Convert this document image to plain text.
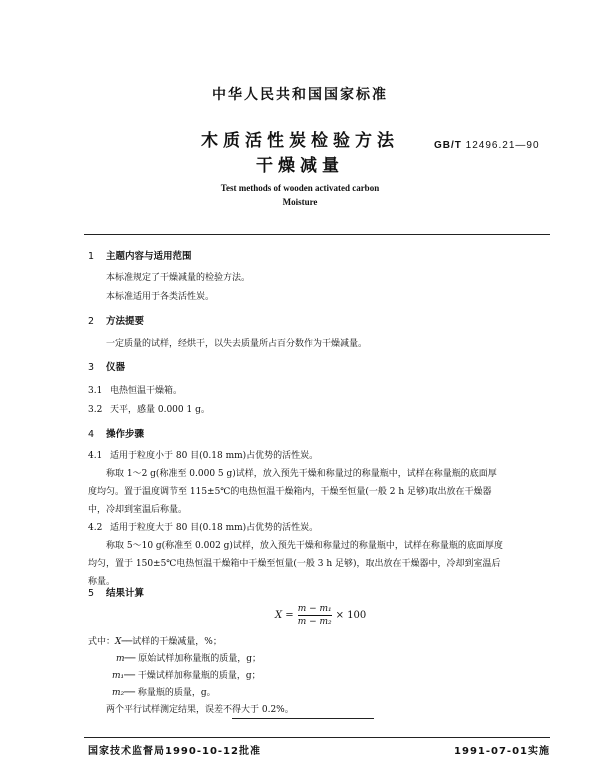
中华人民共和国国家标准
木质活性炭检验方法
干燥减量
GB/T 12496.21—90
Test methods of wooden activated carbon
Moisture
1 主题内容与适用范围
本标准规定了干燥减量的检验方法。
本标准适用于各类活性炭。
2 方法提要
一定质量的试样，经烘干，以失去质量所占百分数作为干燥减量。
3 仪器
3.1 电热恒温干燥箱。
3.2 天平，感量 0.000 1 g。
4 操作步骤
4.1 适用于粒度小于 80 目(0.18 mm)占优势的活性炭。
称取 1～2 g(称准至 0.000 5 g)试样，放入预先干燥和称量过的称量瓶中，试样在称量瓶的底面厚
度均匀。置于温度调节至 115±5℃的电热恒温干燥箱内，干燥至恒量(一般 2 h 足够)取出放在干燥器
中，冷却到室温后称量。
4.2 适用于粒度大于 80 目(0.18 mm)占优势的活性炭。
称取 5～10 g(称准至 0.002 g)试样，放入预先干燥和称量过的称量瓶中，试样在称量瓶的底面厚度
均匀，置于 150±5℃电热恒温干燥箱中干燥至恒量(一般 3 h 足够)，取出放在干燥器中，冷却到室温后
称量。
5 结果计算
$X = \frac{\text{m − m₁}}{\text{m − m₂}} \times 100$
式中：X──试样的干燥减量，%；
m── 原始试样加称量瓶的质量，g；
m₁── 干燥试样加称量瓶的质量，g；
m₂── 称量瓶的质量，g。
两个平行试样测定结果，误差不得大于 0.2%。
国家技术监督局1990-10-12批准	1991-07-01实施
